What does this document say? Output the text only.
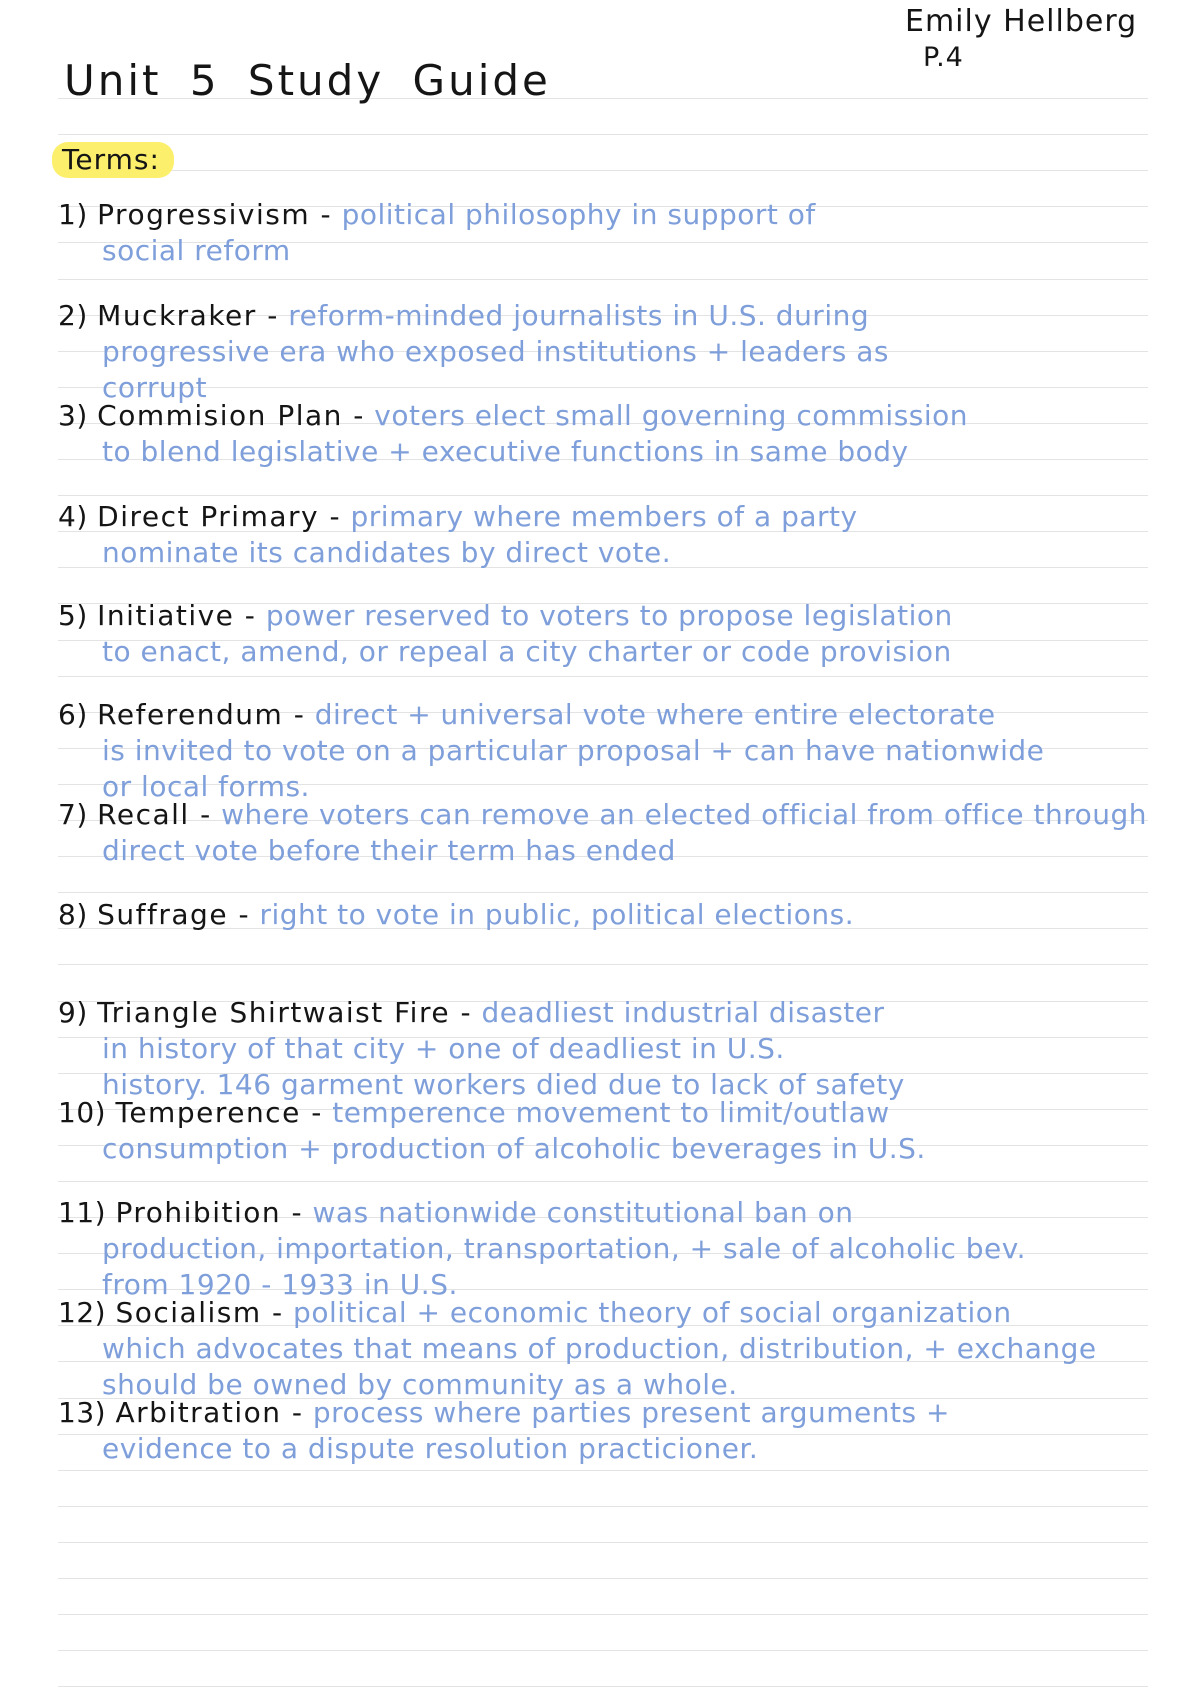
Emily Hellberg
P.4
Unit 5 Study Guide
Terms:
1) Progressivism - political philosophy in support of
social reform
2) Muckraker - reform-minded journalists in U.S. during
progressive era who exposed institutions + leaders as
corrupt
3) Commision Plan - voters elect small governing commission
to blend legislative + executive functions in same body
4) Direct Primary - primary where members of a party
nominate its candidates by direct vote.
5) Initiative - power reserved to voters to propose legislation
to enact, amend, or repeal a city charter or code provision
6) Referendum - direct + universal vote where entire electorate
is invited to vote on a particular proposal + can have nationwide
or local forms.
7) Recall - where voters can remove an elected official from office through
direct vote before their term has ended
8) Suffrage - right to vote in public, political elections.
9) Triangle Shirtwaist Fire - deadliest industrial disaster
in history of that city + one of deadliest in U.S.
history. 146 garment workers died due to lack of safety
10) Temperence - temperence movement to limit/outlaw
consumption + production of alcoholic beverages in U.S.
11) Prohibition - was nationwide constitutional ban on
production, importation, transportation, + sale of alcoholic bev.
from 1920 - 1933 in U.S.
12) Socialism - political + economic theory of social organization
which advocates that means of production, distribution, + exchange
should be owned by community as a whole.
13) Arbitration - process where parties present arguments +
evidence to a dispute resolution practicioner.
